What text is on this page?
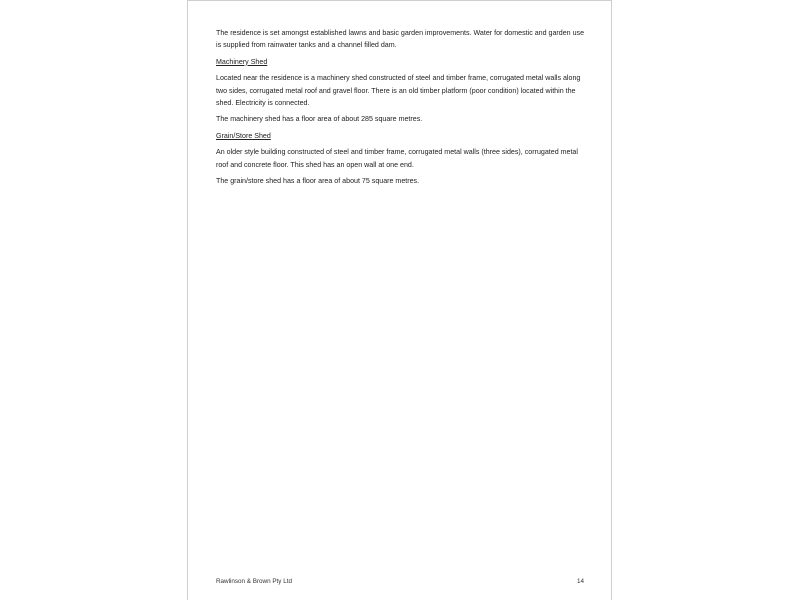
The residence is set amongst established lawns and basic garden improvements. Water for domestic and garden use is supplied from rainwater tanks and a channel filled dam.

Machinery Shed

Located near the residence is a machinery shed constructed of steel and timber frame, corrugated metal walls along two sides, corrugated metal roof and gravel floor. There is an old timber platform (poor condition) located within the shed. Electricity is connected.

The machinery shed has a floor area of about 285 square metres.

Grain/Store Shed

An older style building constructed of steel and timber frame, corrugated metal walls (three sides), corrugated metal roof and concrete floor. This shed has an open wall at one end.

The grain/store shed has a floor area of about 75 square metres.

Rawlinson & Brown Pty Ltd	14
